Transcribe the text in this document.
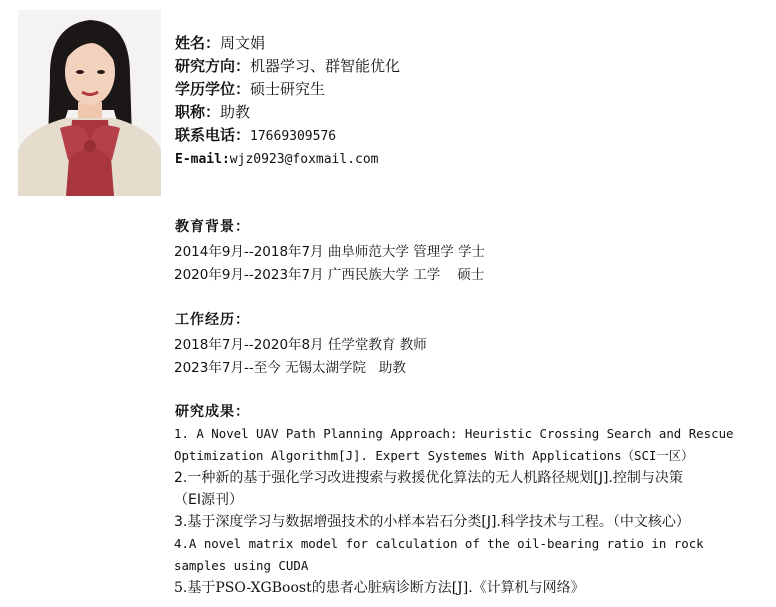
姓名：周文娟
研究方向：机器学习、群智能优化
学历学位：硕士研究生
职称：助教
联系电话：17669309576
E-mail:wjz0923@foxmail.com
教育背景：
2014年9月--2018年7月 曲阜师范大学 管理学 学士
2020年9月--2023年7月 广西民族大学 工学    硕士
工作经历：
2018年7月--2020年8月 任学堂教育 教师
2023年7月--至今 无锡太湖学院   助教
研究成果：
1. A Novel UAV Path Planning Approach: Heuristic Crossing Search and Rescue
Optimization Algorithm[J]. Expert Systemes With Applications（SCI一区）
2.一种新的基于强化学习改进搜索与救援优化算法的无人机路径规划[J].控制与决策
（EI源刊）
3.基于深度学习与数据增强技术的小样本岩石分类[J].科学技术与工程。（中文核心）
4.A novel matrix model for calculation of the oil-bearing ratio in rock
samples using CUDA
5.基于PSO-XGBoost的患者心脏病诊断方法[J].《计算机与网络》
